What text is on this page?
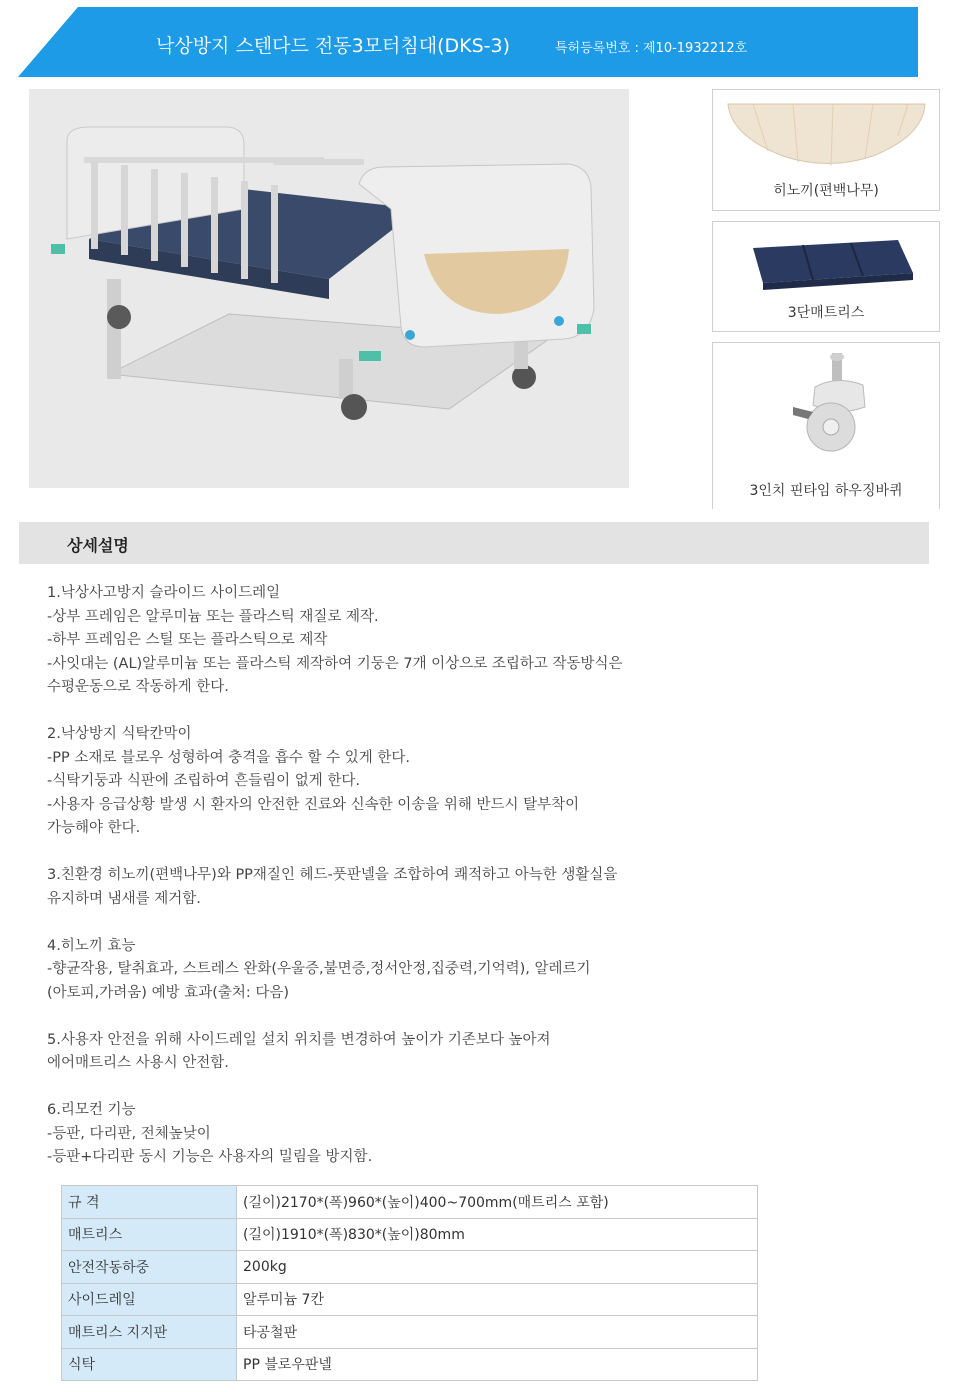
낙상방지 스텐다드 전동3모터침대(DKS-3)	특허등록번호 : 제10-1932212호
히노끼(편백나무)
3단매트리스
3인치 핀타임 하우징바퀴
상세설명
1.낙상사고방지 슬라이드 사이드레일
-상부 프레임은 알루미늄 또는 플라스틱 재질로 제작.
-하부 프레임은 스틸 또는 플라스틱으로 제작
-사잇대는 (AL)알루미늄 또는 플라스틱 제작하여 기둥은 7개 이상으로 조립하고 작동방식은
수평운동으로 작동하게 한다.
2.낙상방지 식탁칸막이
-PP 소재로 블로우 성형하여 충격을 흡수 할 수 있게 한다.
-식탁기둥과 식판에 조립하여 흔들림이 없게 한다.
-사용자 응급상황 발생 시 환자의 안전한 진료와 신속한 이송을 위해 반드시 탈부착이
가능해야 한다.
3.친환경 히노끼(편백나무)와 PP재질인 헤드-풋판넬을 조합하여 쾌적하고 아늑한 생활실을
유지하며 냄새를 제거함.
4.히노끼 효능
-향균작용, 탈취효과, 스트레스 완화(우울증,불면증,정서안정,집중력,기억력), 알레르기
(아토피,가려움) 예방 효과(출처: 다음)
5.사용자 안전을 위해 사이드레일 설치 위치를 변경하여 높이가 기존보다 높아져
에어매트리스 사용시 안전함.
6.리모컨 기능
-등판, 다리판, 전체높낮이
-등판+다리판 동시 기능은 사용자의 밀림을 방지함.
규 격	(길이)2170*(폭)960*(높이)400~700mm(매트리스 포함)
매트리스	(길이)1910*(폭)830*(높이)80mm
안전작동하중	200kg
사이드레일	알루미늄 7칸
매트리스 지지판	타공철판
식탁	PP 블로우판넬
